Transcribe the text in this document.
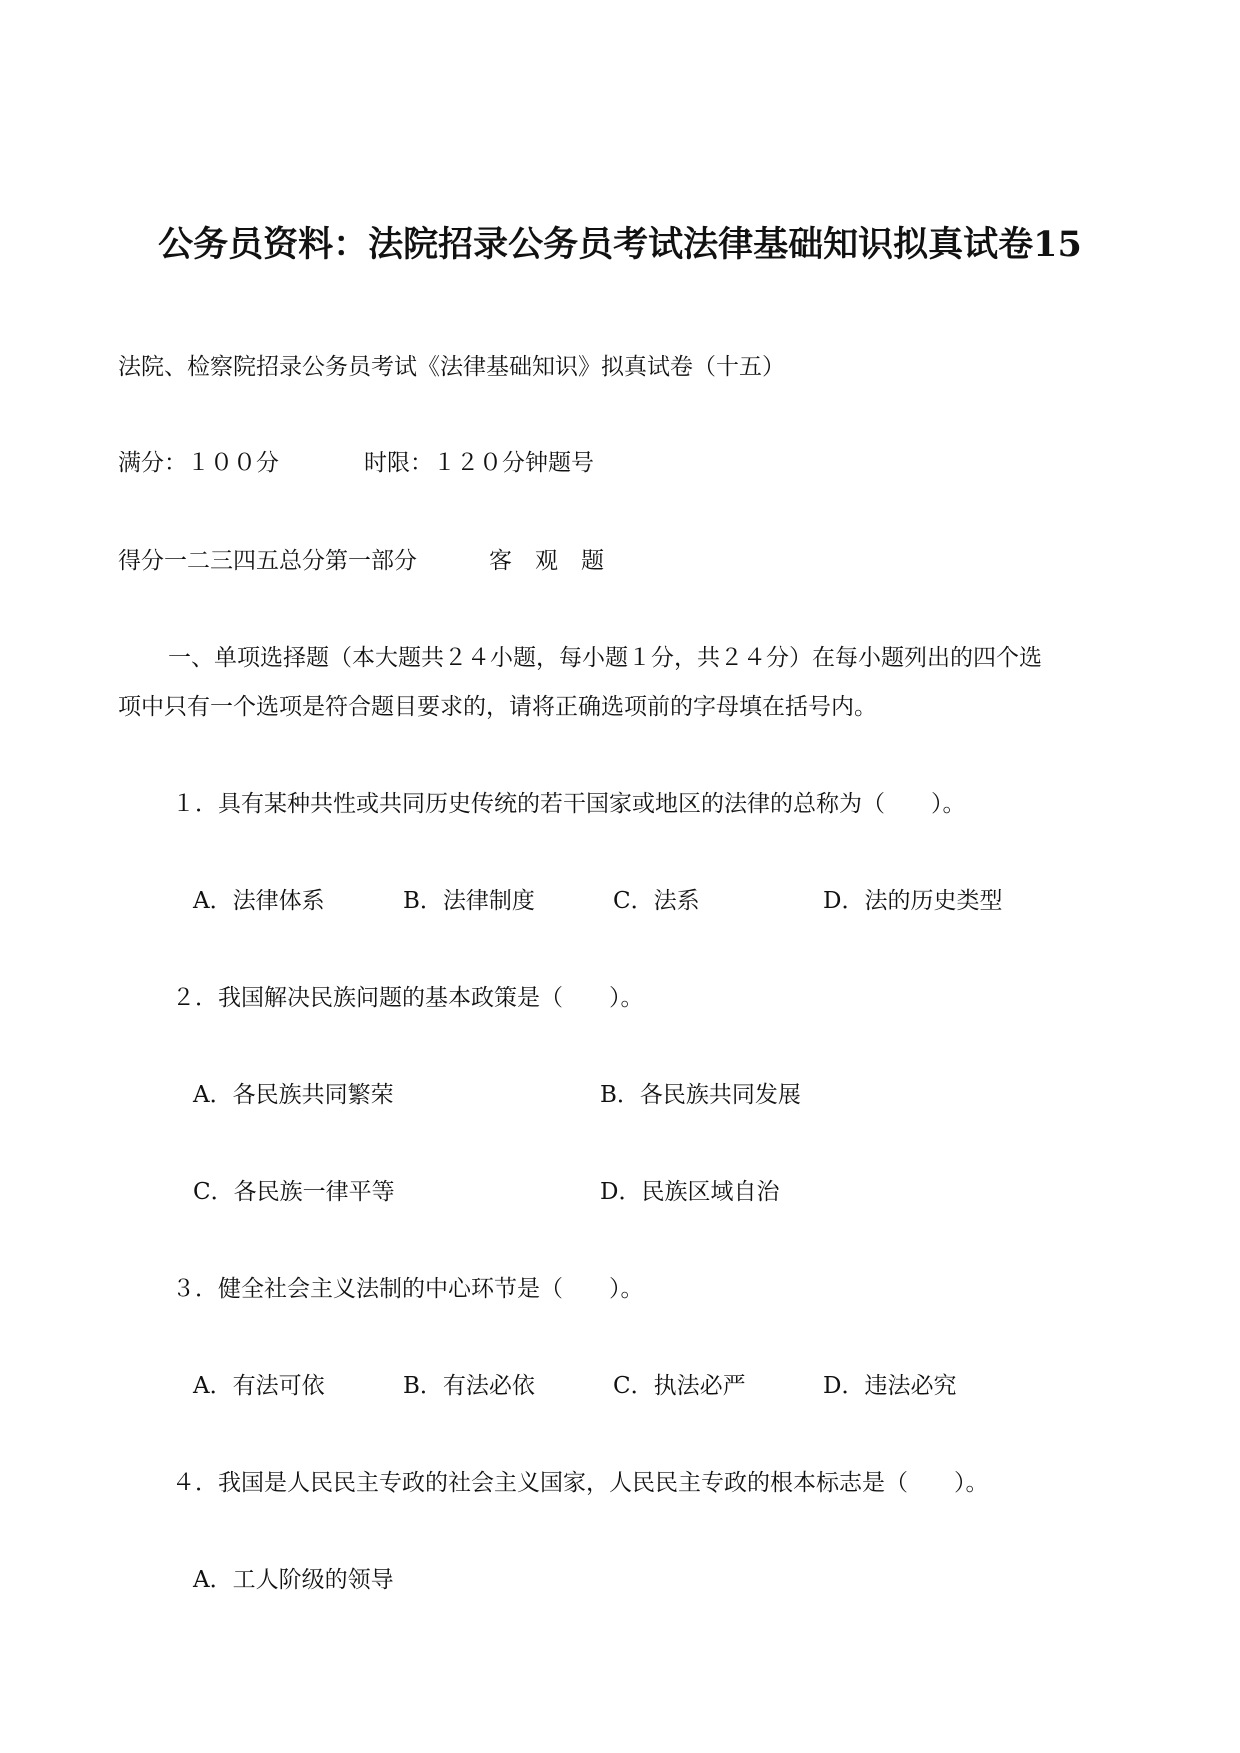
公务员资料：法院招录公务员考试法律基础知识拟真试卷15
法院、检察院招录公务员考试《法律基础知识》拟真试卷（十五）
满分：１００分	时限：１２０分钟题号
得分一二三四五总分第一部分	客　观　题
一、单项选择题（本大题共２４小题，每小题１分，共２４分）在每小题列出的四个选
项中只有一个选项是符合题目要求的，请将正确选项前的字母填在括号内。
１．具有某种共性或共同历史传统的若干国家或地区的法律的总称为（　　）。
A．法律体系	B．法律制度	C．法系	D．法的历史类型
２．我国解决民族问题的基本政策是（　　）。
A．各民族共同繁荣	B．各民族共同发展
C．各民族一律平等	D．民族区域自治
３．健全社会主义法制的中心环节是（　　）。
A．有法可依	B．有法必依	C．执法必严	D．违法必究
４．我国是人民民主专政的社会主义国家，人民民主专政的根本标志是（　　）。
A．工人阶级的领导
